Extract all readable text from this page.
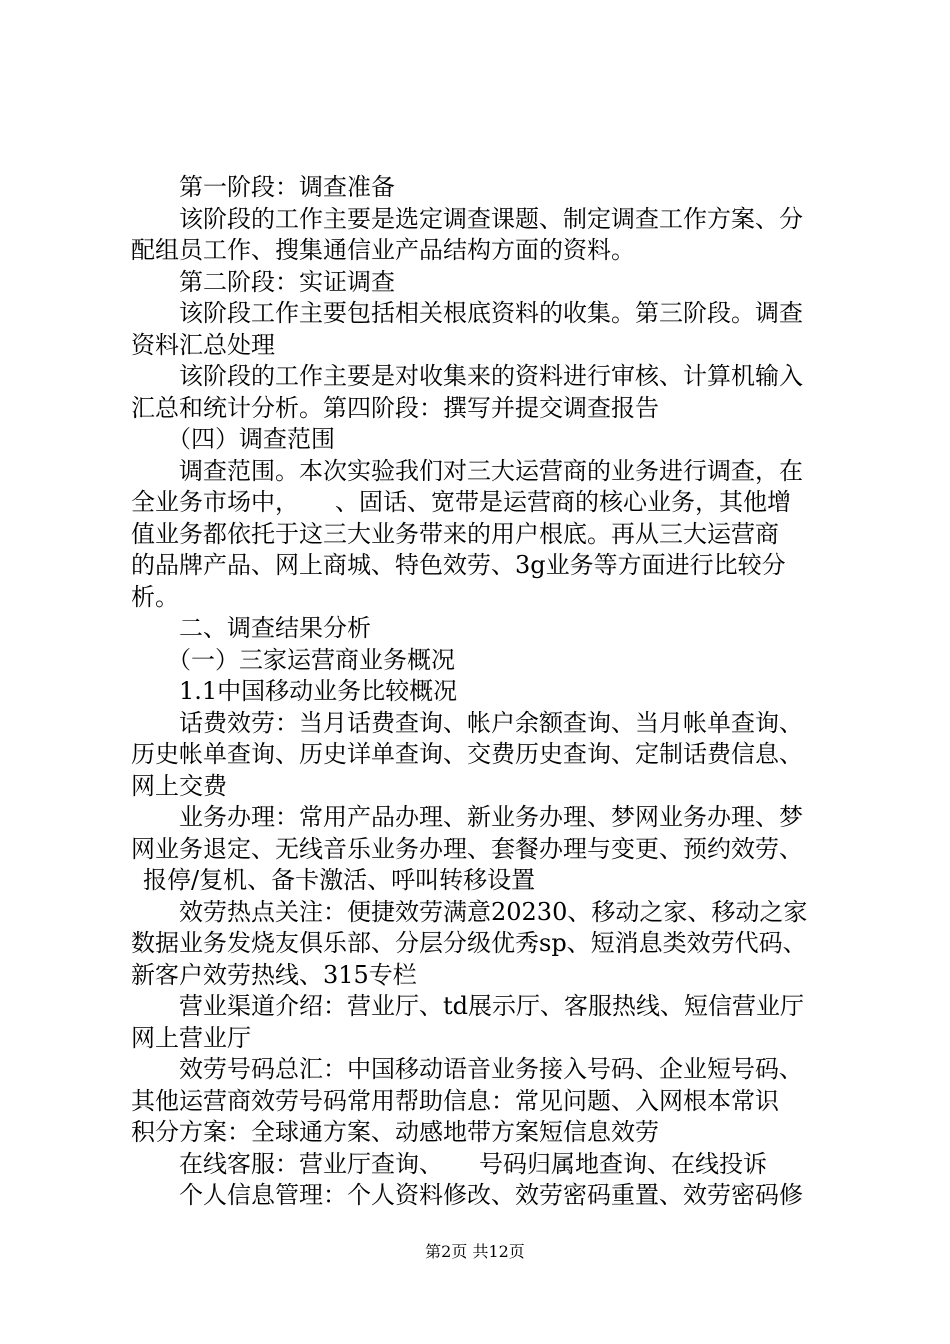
第一阶段：调查准备
该阶段的工作主要是选定调查课题、制定调查工作方案、分
配组员工作、搜集通信业产品结构方面的资料。
第二阶段：实证调查
该阶段工作主要包括相关根底资料的收集。第三阶段。调查
资料汇总处理
该阶段的工作主要是对收集来的资料进行审核、计算机输入
汇总和统计分析。第四阶段：撰写并提交调查报告
（四）调查范围
调查范围。本次实验我们对三大运营商的业务进行调查，在
全业务市场中，　　、固话、宽带是运营商的核心业务，其他增
值业务都依托于这三大业务带来的用户根底。再从三大运营商
的品牌产品、网上商城、特色效劳、3g业务等方面进行比较分
析。
二、调查结果分析
（一）三家运营商业务概况
1.1中国移动业务比较概况
话费效劳：当月话费查询、帐户余额查询、当月帐单查询、
历史帐单查询、历史详单查询、交费历史查询、定制话费信息、
网上交费
业务办理：常用产品办理、新业务办理、梦网业务办理、梦
网业务退定、无线音乐业务办理、套餐办理与变更、预约效劳、
报停/复机、备卡激活、呼叫转移设置
效劳热点关注：便捷效劳满意20230、移动之家、移动之家
数据业务发烧友俱乐部、分层分级优秀sp、短消息类效劳代码、
新客户效劳热线、315专栏
营业渠道介绍：营业厅、td展示厅、客服热线、短信营业厅
网上营业厅
效劳号码总汇：中国移动语音业务接入号码、企业短号码、
其他运营商效劳号码常用帮助信息：常见问题、入网根本常识
积分方案：全球通方案、动感地带方案短信息效劳
在线客服：营业厅查询、　　号码归属地查询、在线投诉
个人信息管理：个人资料修改、效劳密码重置、效劳密码修
第2页 共12页
